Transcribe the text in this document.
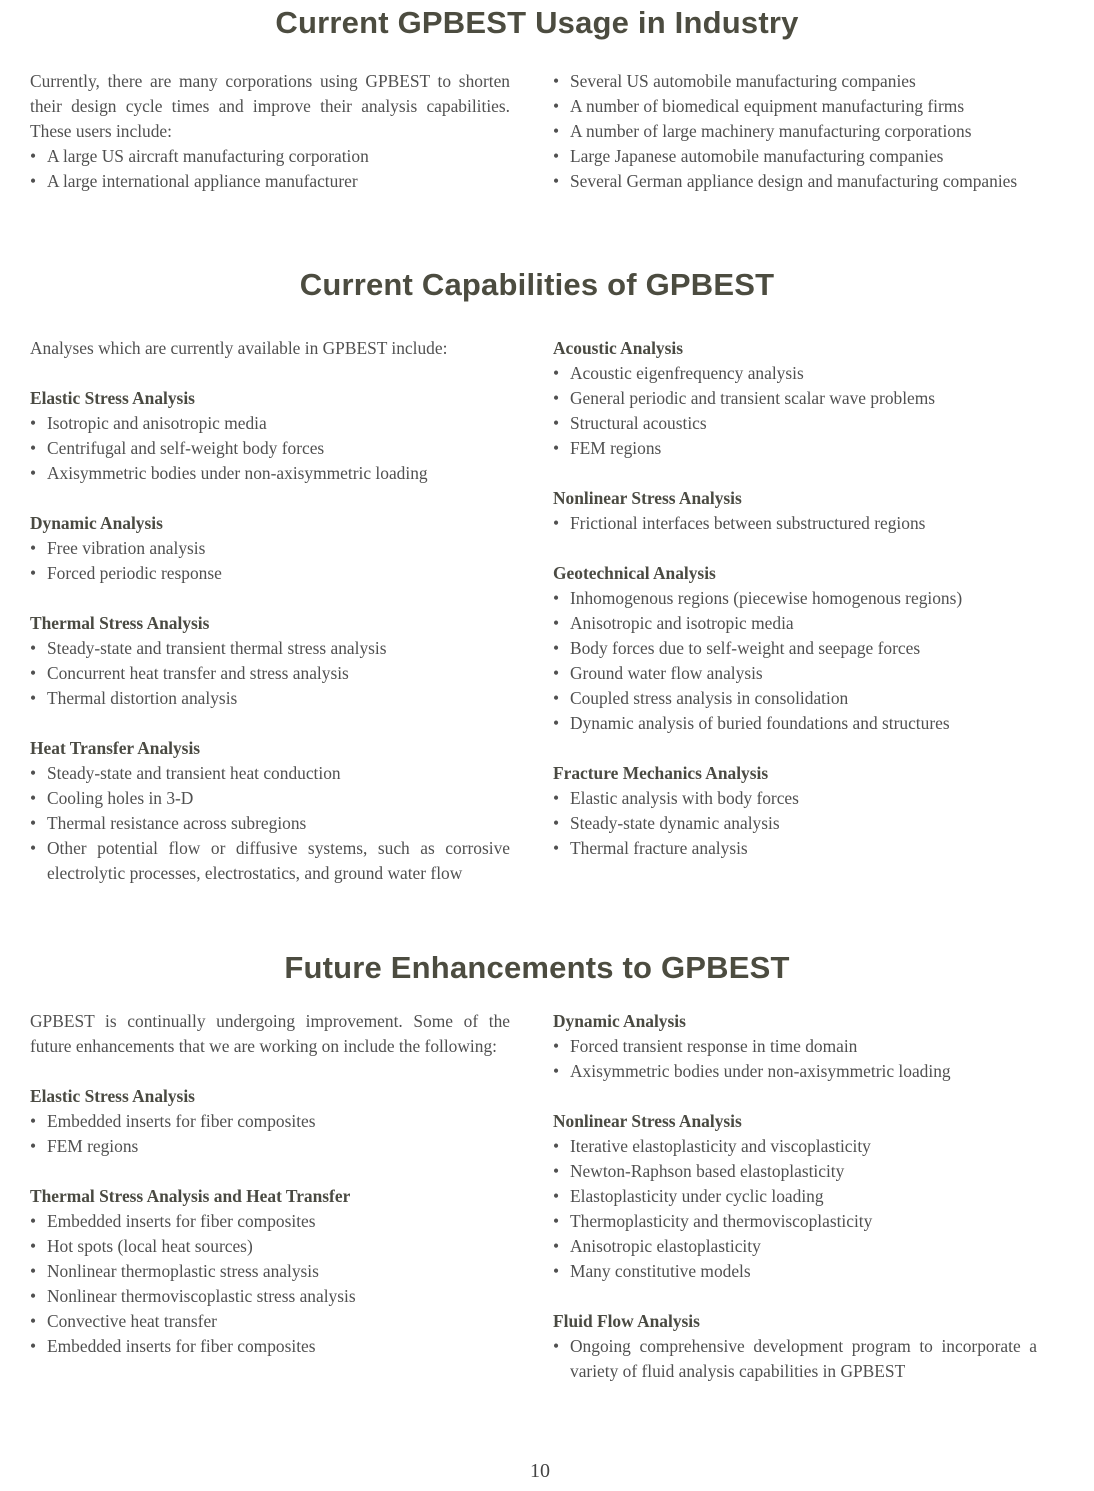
Current GPBEST Usage in Industry

Currently, there are many corporations using GPBEST to shorten their design cycle times and improve their analysis capabilities. These users include:

• A large US aircraft manufacturing corporation
• A large international appliance manufacturer
• Several US automobile manufacturing companies
• A number of biomedical equipment manufacturing firms
• A number of large machinery manufacturing corporations
• Large Japanese automobile manufacturing companies
• Several German appliance design and manufacturing companies
Current Capabilities of GPBEST

Analyses which are currently available in GPBEST include:

Elastic Stress Analysis

• Isotropic and anisotropic media
• Centrifugal and self-weight body forces
• Axisymmetric bodies under non-axisymmetric loading

Dynamic Analysis

• Free vibration analysis
• Forced periodic response

Thermal Stress Analysis

• Steady-state and transient thermal stress analysis
• Concurrent heat transfer and stress analysis
• Thermal distortion analysis

Heat Transfer Analysis

• Steady-state and transient heat conduction
• Cooling holes in 3-D
• Thermal resistance across subregions
• Other potential flow or diffusive systems, such as corrosive electrolytic processes, electrostatics, and ground water flow

Acoustic Analysis

• Acoustic eigenfrequency analysis
• General periodic and transient scalar wave problems
• Structural acoustics
• FEM regions

Nonlinear Stress Analysis

• Frictional interfaces between substructured regions

Geotechnical Analysis

• Inhomogenous regions (piecewise homogenous regions)
• Anisotropic and isotropic media
• Body forces due to self-weight and seepage forces
• Ground water flow analysis
• Coupled stress analysis in consolidation
• Dynamic analysis of buried foundations and structures

Fracture Mechanics Analysis

• Elastic analysis with body forces
• Steady-state dynamic analysis
• Thermal fracture analysis
Future Enhancements to GPBEST

GPBEST is continually undergoing improvement. Some of the future enhancements that we are working on include the following:

Elastic Stress Analysis

• Embedded inserts for fiber composites
• FEM regions

Thermal Stress Analysis and Heat Transfer

• Embedded inserts for fiber composites
• Hot spots (local heat sources)
• Nonlinear thermoplastic stress analysis
• Nonlinear thermoviscoplastic stress analysis
• Convective heat transfer
• Embedded inserts for fiber composites

Dynamic Analysis

• Forced transient response in time domain
• Axisymmetric bodies under non-axisymmetric loading

Nonlinear Stress Analysis

• Iterative elastoplasticity and viscoplasticity
• Newton-Raphson based elastoplasticity
• Elastoplasticity under cyclic loading
• Thermoplasticity and thermoviscoplasticity
• Anisotropic elastoplasticity
• Many constitutive models

Fluid Flow Analysis

• Ongoing comprehensive development program to incorporate a variety of fluid analysis capabilities in GPBEST
10
